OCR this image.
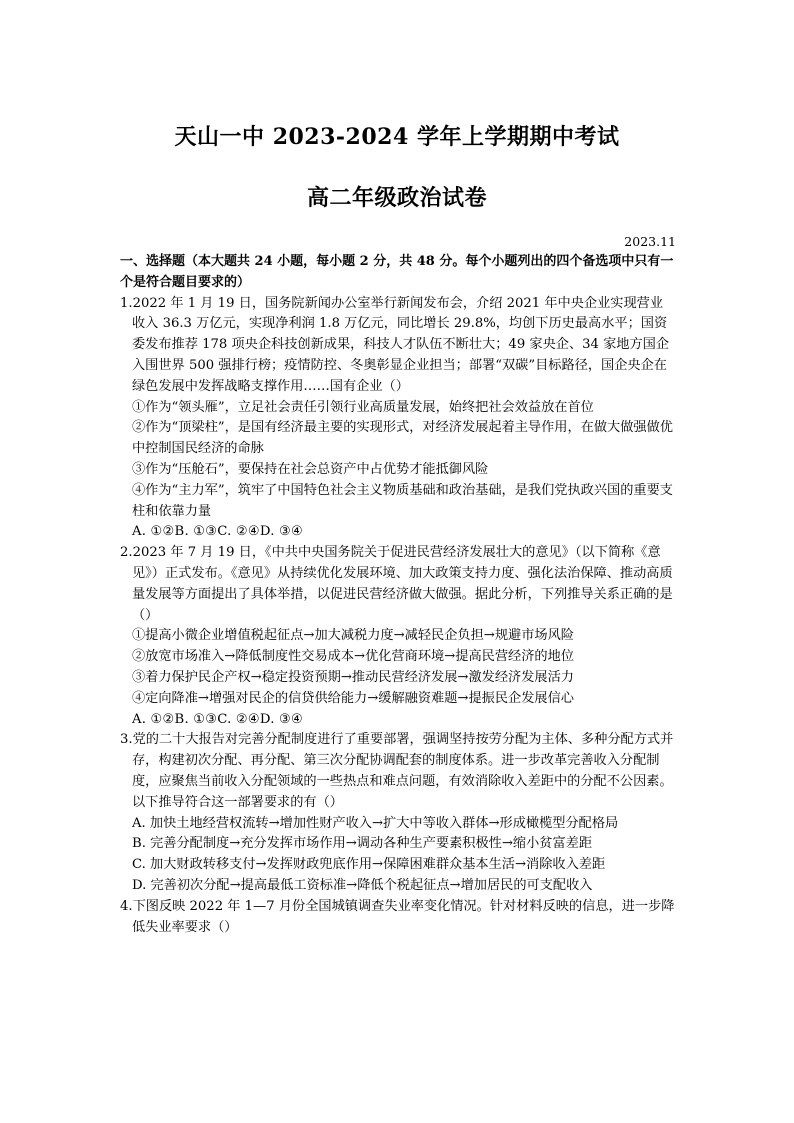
天山一中 2023-2024 学年上学期期中考试
高二年级政治试卷
2023.11

一、选择题（本大题共 24 小题，每小题 2 分，共 48 分。每个小题列出的四个备选项中只有一个是符合题目要求的）

1.2022 年 1 月 19 日，国务院新闻办公室举行新闻发布会，介绍 2021 年中央企业实现营业收入 36.3 万亿元，实现净利润 1.8 万亿元，同比增长 29.8%，均创下历史最高水平；国资委发布推荐 178 项央企科技创新成果，科技人才队伍不断壮大；49 家央企、34 家地方国企入围世界 500 强排行榜；疫情防控、冬奥彰显企业担当；部署“双碳”目标路径，国企央企在绿色发展中发挥战略支撑作用……国有企业（）

①作为“领头雁”，立足社会责任引领行业高质量发展，始终把社会效益放在首位

②作为“顶梁柱”，是国有经济最主要的实现形式，对经济发展起着主导作用，在做大做强做优中控制国民经济的命脉

③作为“压舱石”，要保持在社会总资产中占优势才能抵御风险

④作为“主力军”，筑牢了中国特色社会主义物质基础和政治基础，是我们党执政兴国的重要支柱和依靠力量

A. ①②B. ①③C. ②④D. ③④

2.2023 年 7 月 19 日，《中共中央国务院关于促进民营经济发展壮大的意见》（以下简称《意见》）正式发布。《意见》从持续优化发展环境、加大政策支持力度、强化法治保障、推动高质量发展等方面提出了具体举措，以促进民营经济做大做强。据此分析，下列推导关系正确的是（）

①提高小微企业增值税起征点→加大减税力度→减轻民企负担→规避市场风险

②放宽市场准入→降低制度性交易成本→优化营商环境→提高民营经济的地位

③着力保护民企产权→稳定投资预期→推动民营经济发展→激发经济发展活力

④定向降准→增强对民企的信贷供给能力→缓解融资难题→提振民企发展信心

A. ①②B. ①③C. ②④D. ③④

3.党的二十大报告对完善分配制度进行了重要部署，强调坚持按劳分配为主体、多种分配方式并存，构建初次分配、再分配、第三次分配协调配套的制度体系。进一步改革完善收入分配制度，应聚焦当前收入分配领域的一些热点和难点问题，有效消除收入差距中的分配不公因素。以下推导符合这一部署要求的有（）

A. 加快土地经营权流转→增加性财产收入→扩大中等收入群体→形成橄榄型分配格局

B. 完善分配制度→充分发挥市场作用→调动各种生产要素积极性→缩小贫富差距

C. 加大财政转移支付→发挥财政兜底作用→保障困难群众基本生活→消除收入差距

D. 完善初次分配→提高最低工资标准→降低个税起征点→增加居民的可支配收入

4.下图反映 2022 年 1—7 月份全国城镇调查失业率变化情况。针对材料反映的信息，进一步降低失业率要求（）
